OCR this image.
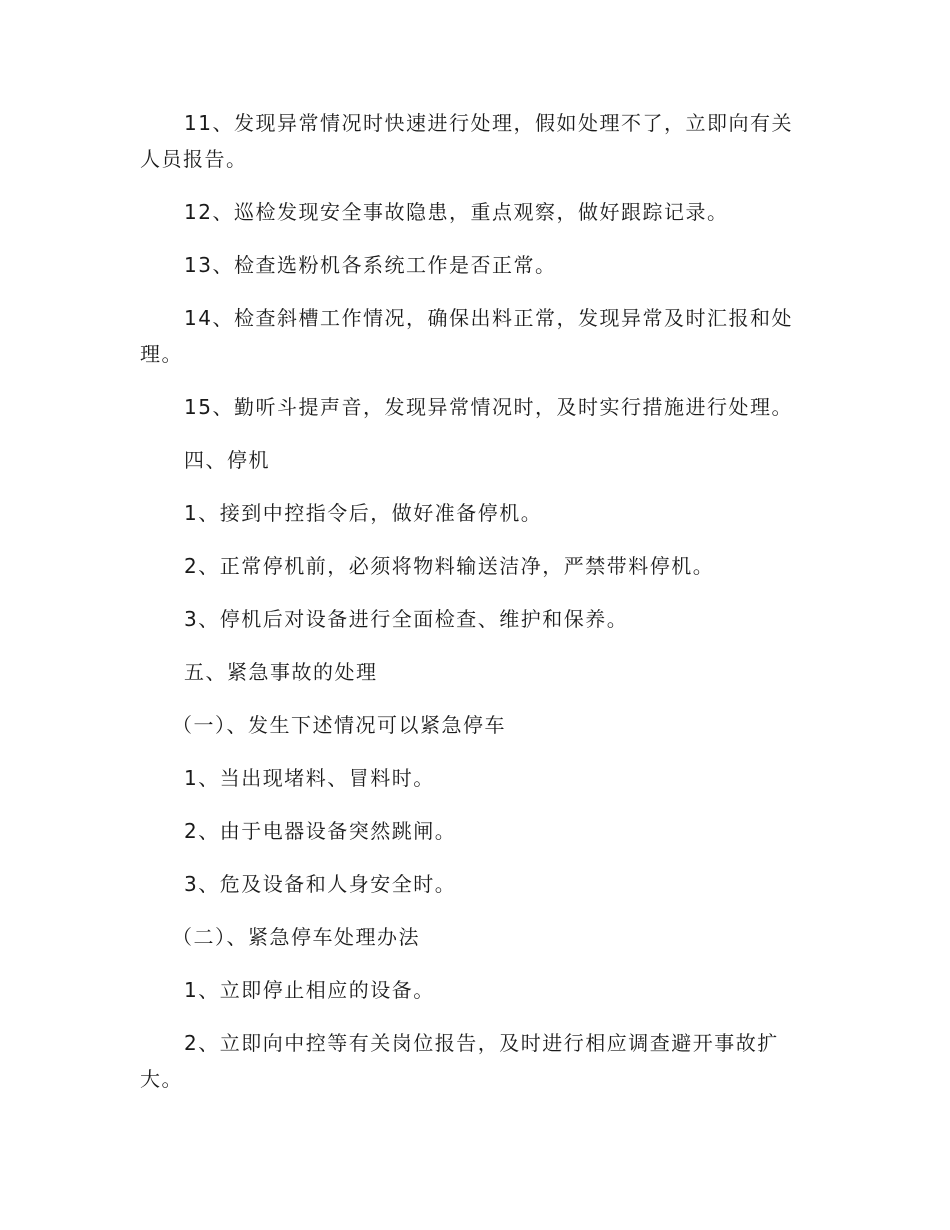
11、发现异常情况时快速进行处理，假如处理不了，立即向有关人员报告。

12、巡检发现安全事故隐患，重点观察，做好跟踪记录。

13、检查选粉机各系统工作是否正常。

14、检查斜槽工作情况，确保出料正常，发现异常及时汇报和处理。

15、勤听斗提声音，发现异常情况时，及时实行措施进行处理。

四、停机

1、接到中控指令后，做好准备停机。

2、正常停机前，必须将物料输送洁净，严禁带料停机。

3、停机后对设备进行全面检查、维护和保养。

五、紧急事故的处理

（一）、发生下述情况可以紧急停车

1、当出现堵料、冒料时。

2、由于电器设备突然跳闸。

3、危及设备和人身安全时。

（二）、紧急停车处理办法

1、立即停止相应的设备。

2、立即向中控等有关岗位报告，及时进行相应调查避开事故扩大。
